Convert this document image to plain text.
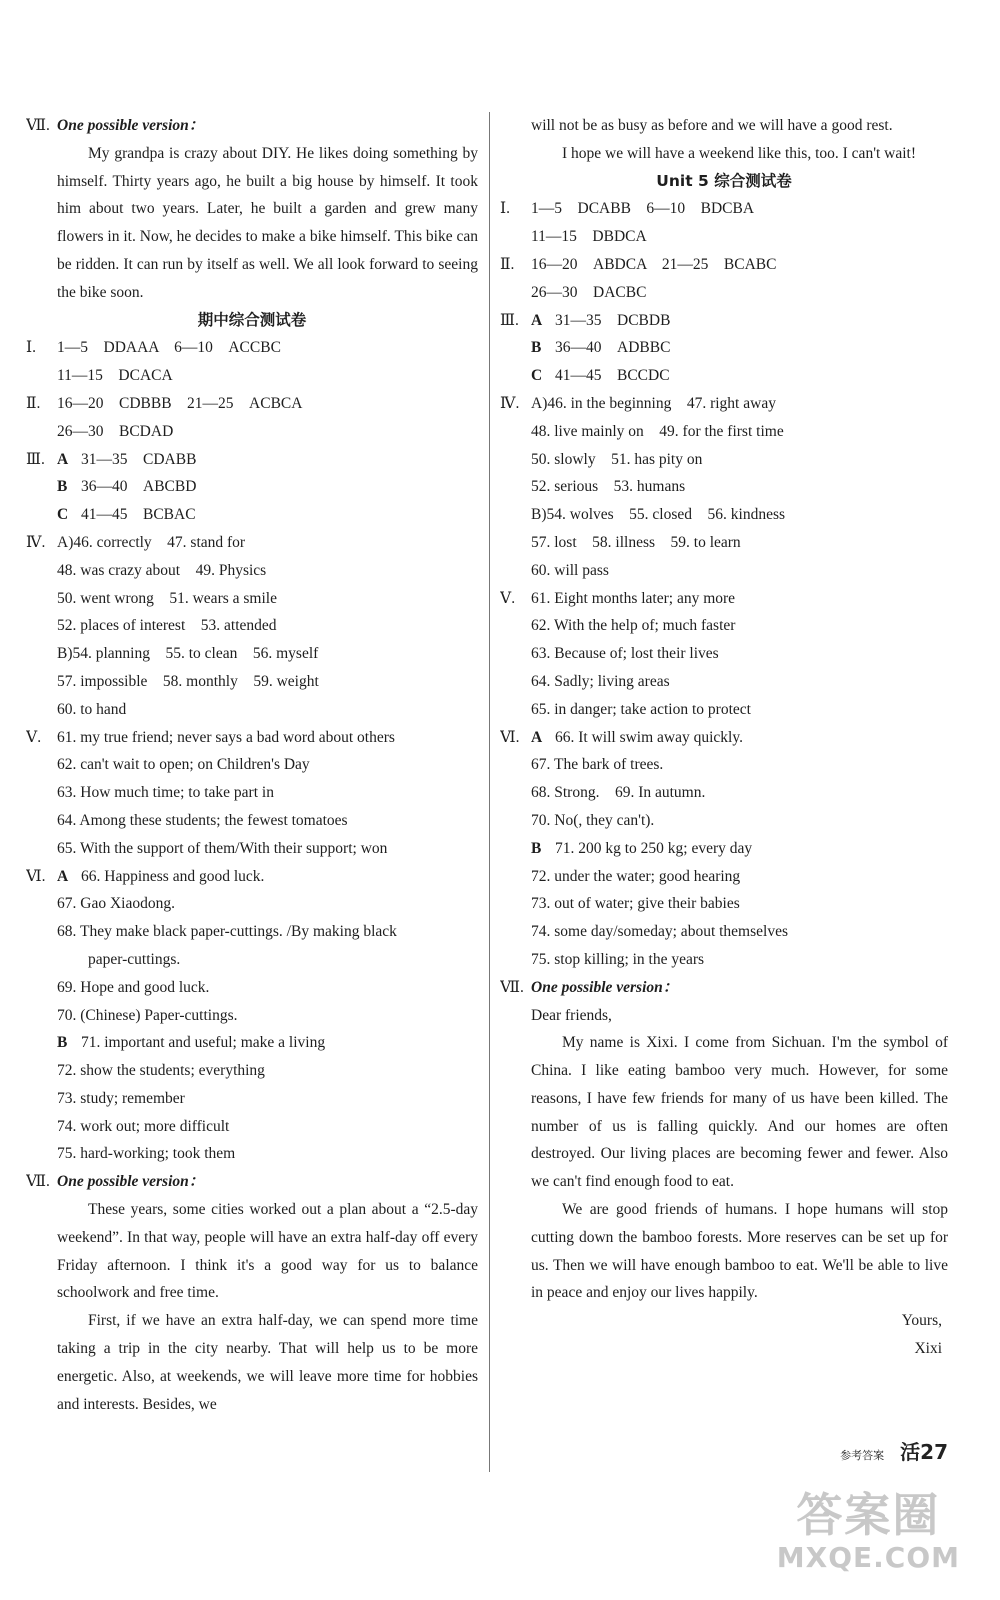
Ⅶ. One possible version：
My grandpa is crazy about DIY. He likes doing something by himself. Thirty years ago, he built a big house by himself. It took him about two years. Later, he built a garden and grew many flowers in it. Now, he decides to make a bike himself. This bike can be ridden. It can run by itself as well. We all look forward to seeing the bike soon.
期中综合测试卷
Ⅰ. 1—5　DDAAA　6—10　ACCBC
11—15　DCACA
Ⅱ. 16—20　CDBBB　21—25　ACBCA
26—30　BCDAD
Ⅲ. A 31—35　CDABB
B 36—40　ABCBD
C 41—45　BCBAC
Ⅳ. A)46. correctly　47. stand for
48. was crazy about　49. Physics
50. went wrong　51. wears a smile
52. places of interest　53. attended
B)54. planning　55. to clean　56. myself
57. impossible　58. monthly　59. weight
60. to hand
Ⅴ. 61. my true friend; never says a bad word about others
62. can't wait to open; on Children's Day
63. How much time; to take part in
64. Among these students; the fewest tomatoes
65. With the support of them/With their support; won
Ⅵ. A 66. Happiness and good luck.
67. Gao Xiaodong.
68. They make black paper-cuttings. /By making black
　　paper-cuttings.
69. Hope and good luck.
70. (Chinese) Paper-cuttings.
B 71. important and useful; make a living
72. show the students; everything
73. study; remember
74. work out; more difficult
75. hard-working; took them
Ⅶ. One possible version：
These years, some cities worked out a plan about a “2.5-day weekend”. In that way, people will have an extra half-day off every Friday afternoon. I think it's a good way for us to balance schoolwork and free time.
First, if we have an extra half-day, we can spend more time taking a trip in the city nearby. That will help us to be more energetic. Also, at weekends, we will leave more time for hobbies and interests. Besides, we
will not be as busy as before and we will have a good rest.
I hope we will have a weekend like this, too. I can't wait!
Unit 5 综合测试卷
Ⅰ. 1—5　DCABB　6—10　BDCBA
11—15　DBDCA
Ⅱ. 16—20　ABDCA　21—25　BCABC
26—30　DACBC
Ⅲ. A 31—35　DCBDB
B 36—40　ADBBC
C 41—45　BCCDC
Ⅳ. A)46. in the beginning　47. right away
48. live mainly on　49. for the first time
50. slowly　51. has pity on
52. serious　53. humans
B)54. wolves　55. closed　56. kindness
57. lost　58. illness　59. to learn
60. will pass
Ⅴ. 61. Eight months later; any more
62. With the help of; much faster
63. Because of; lost their lives
64. Sadly; living areas
65. in danger; take action to protect
Ⅵ. A 66. It will swim away quickly.
67. The bark of trees.
68. Strong.　69. In autumn.
70. No(, they can't).
B 71. 200 kg to 250 kg; every day
72. under the water; good hearing
73. out of water; give their babies
74. some day/someday; about themselves
75. stop killing; in the years
Ⅶ. One possible version：
Dear friends,
My name is Xixi. I come from Sichuan. I'm the symbol of China. I like eating bamboo very much. However, for some reasons, I have few friends for many of us have been killed. The number of us is falling quickly. And our homes are often destroyed. Our living places are becoming fewer and fewer. Also we can't find enough food to eat.
We are good friends of humans. I hope humans will stop cutting down the bamboo forests. More reserves can be set up for us. Then we will have enough bamboo to eat. We'll be able to live in peace and enjoy our lives happily.
Yours,
Xixi
参考答案 活27
答案圈
MXQE.COM
